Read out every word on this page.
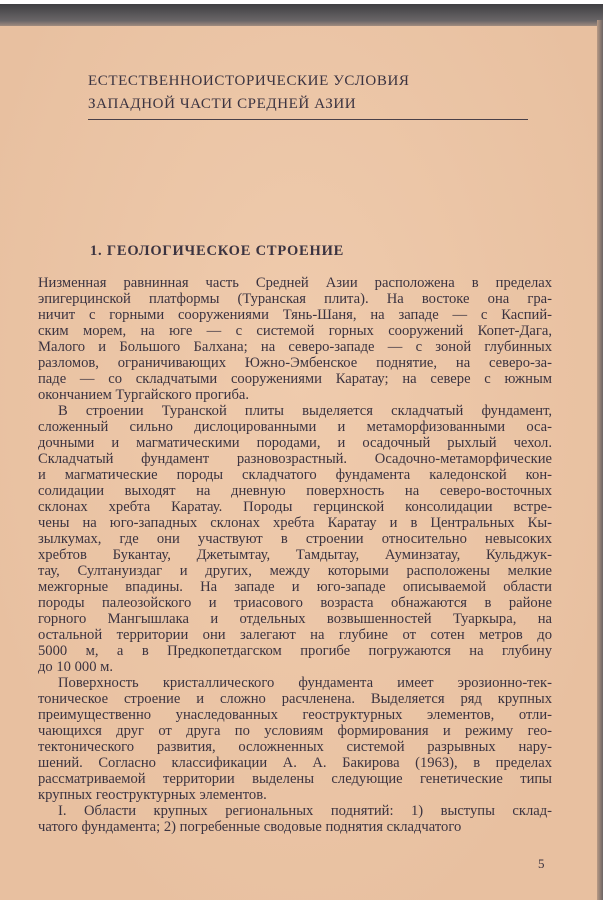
ЕСТЕСТВЕННОИСТОРИЧЕСКИЕ УСЛОВИЯ
ЗАПАДНОЙ ЧАСТИ СРЕДНЕЙ АЗИИ
1. ГЕОЛОГИЧЕСКОЕ СТРОЕНИЕ
Низменная равнинная часть Средней Азии расположена в пределах
эпигерцинской платформы (Туранская плита). На востоке она гра-
ничит с горными сооружениями Тянь-Шаня, на западе — с Каспий-
ским морем, на юге — с системой горных сооружений Копет-Дага,
Малого и Большого Балхана; на северо-западе — с зоной глубинных
разломов, ограничивающих Южно-Эмбенское поднятие, на северо-за-
паде — со складчатыми сооружениями Каратау; на севере с южным
окончанием Тургайского прогиба.
В строении Туранской плиты выделяется складчатый фундамент,
сложенный сильно дислоцированными и метаморфизованными оса-
дочными и магматическими породами, и осадочный рыхлый чехол.
Складчатый фундамент разновозрастный. Осадочно-метаморфические
и магматические породы складчатого фундамента каледонской кон-
солидации выходят на дневную поверхность на северо-восточных
склонах хребта Каратау. Породы герцинской консолидации встре-
чены на юго-западных склонах хребта Каратау и в Центральных Кы-
зылкумах, где они участвуют в строении относительно невысоких
хребтов Букантау, Джетымтау, Тамдытау, Ауминзатау, Кульджук-
тау, Султануиздаг и других, между которыми расположены мелкие
межгорные впадины. На западе и юго-западе описываемой области
породы палеозойского и триасового возраста обнажаются в районе
горного Мангышлака и отдельных возвышенностей Туаркыра, на
остальной территории они залегают на глубине от сотен метров до
5000 м, а в Предкопетдагском прогибе погружаются на глубину
до 10 000 м.
Поверхность кристаллического фундамента имеет эрозионно-тек-
тоническое строение и сложно расчленена. Выделяется ряд крупных
преимущественно унаследованных геоструктурных элементов, отли-
чающихся друг от друга по условиям формирования и режиму гео-
тектонического развития, осложненных системой разрывных нару-
шений. Согласно классификации А. А. Бакирова (1963), в пределах
рассматриваемой территории выделены следующие генетические типы
крупных геоструктурных элементов.
I. Области крупных региональных поднятий: 1) выступы склад-
чатого фундамента; 2) погребенные сводовые поднятия складчатого
5
